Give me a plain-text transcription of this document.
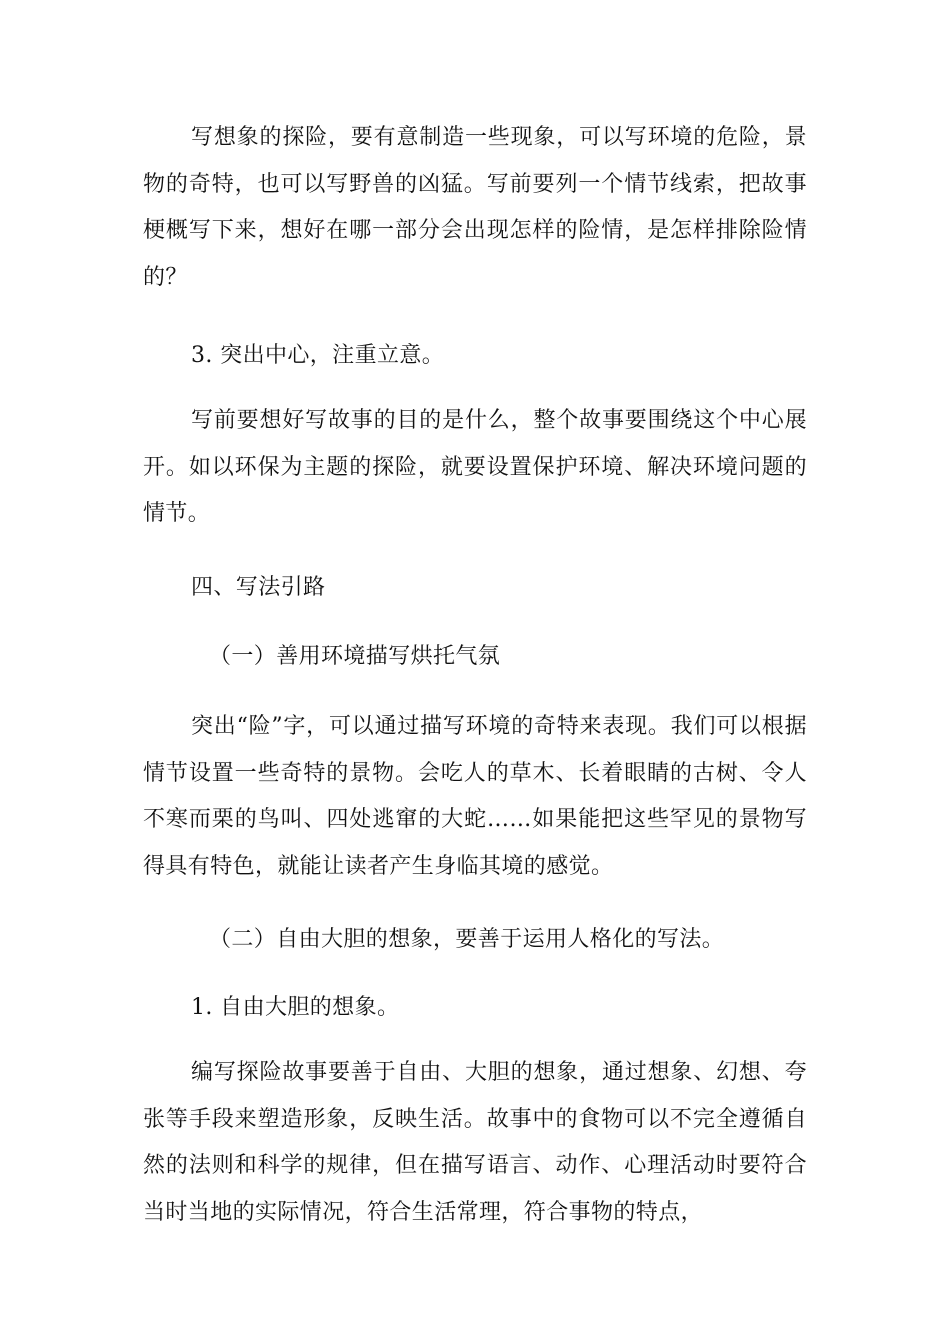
写想象的探险，要有意制造一些现象，可以写环境的危险，景物的奇特，也可以写野兽的凶猛。写前要列一个情节线索，把故事梗概写下来，想好在哪一部分会出现怎样的险情，是怎样排除险情的？

3. 突出中心，注重立意。

写前要想好写故事的目的是什么，整个故事要围绕这个中心展开。如以环保为主题的探险，就要设置保护环境、解决环境问题的情节。

四、写法引路

（一）善用环境描写烘托气氛

突出“险”字，可以通过描写环境的奇特来表现。我们可以根据情节设置一些奇特的景物。会吃人的草木、长着眼睛的古树、令人不寒而栗的鸟叫、四处逃窜的大蛇……如果能把这些罕见的景物写得具有特色，就能让读者产生身临其境的感觉。

（二）自由大胆的想象，要善于运用人格化的写法。

1. 自由大胆的想象。

编写探险故事要善于自由、大胆的想象，通过想象、幻想、夸张等手段来塑造形象，反映生活。故事中的食物可以不完全遵循自然的法则和科学的规律，但在描写语言、动作、心理活动时要符合当时当地的实际情况，符合生活常理，符合事物的特点，
